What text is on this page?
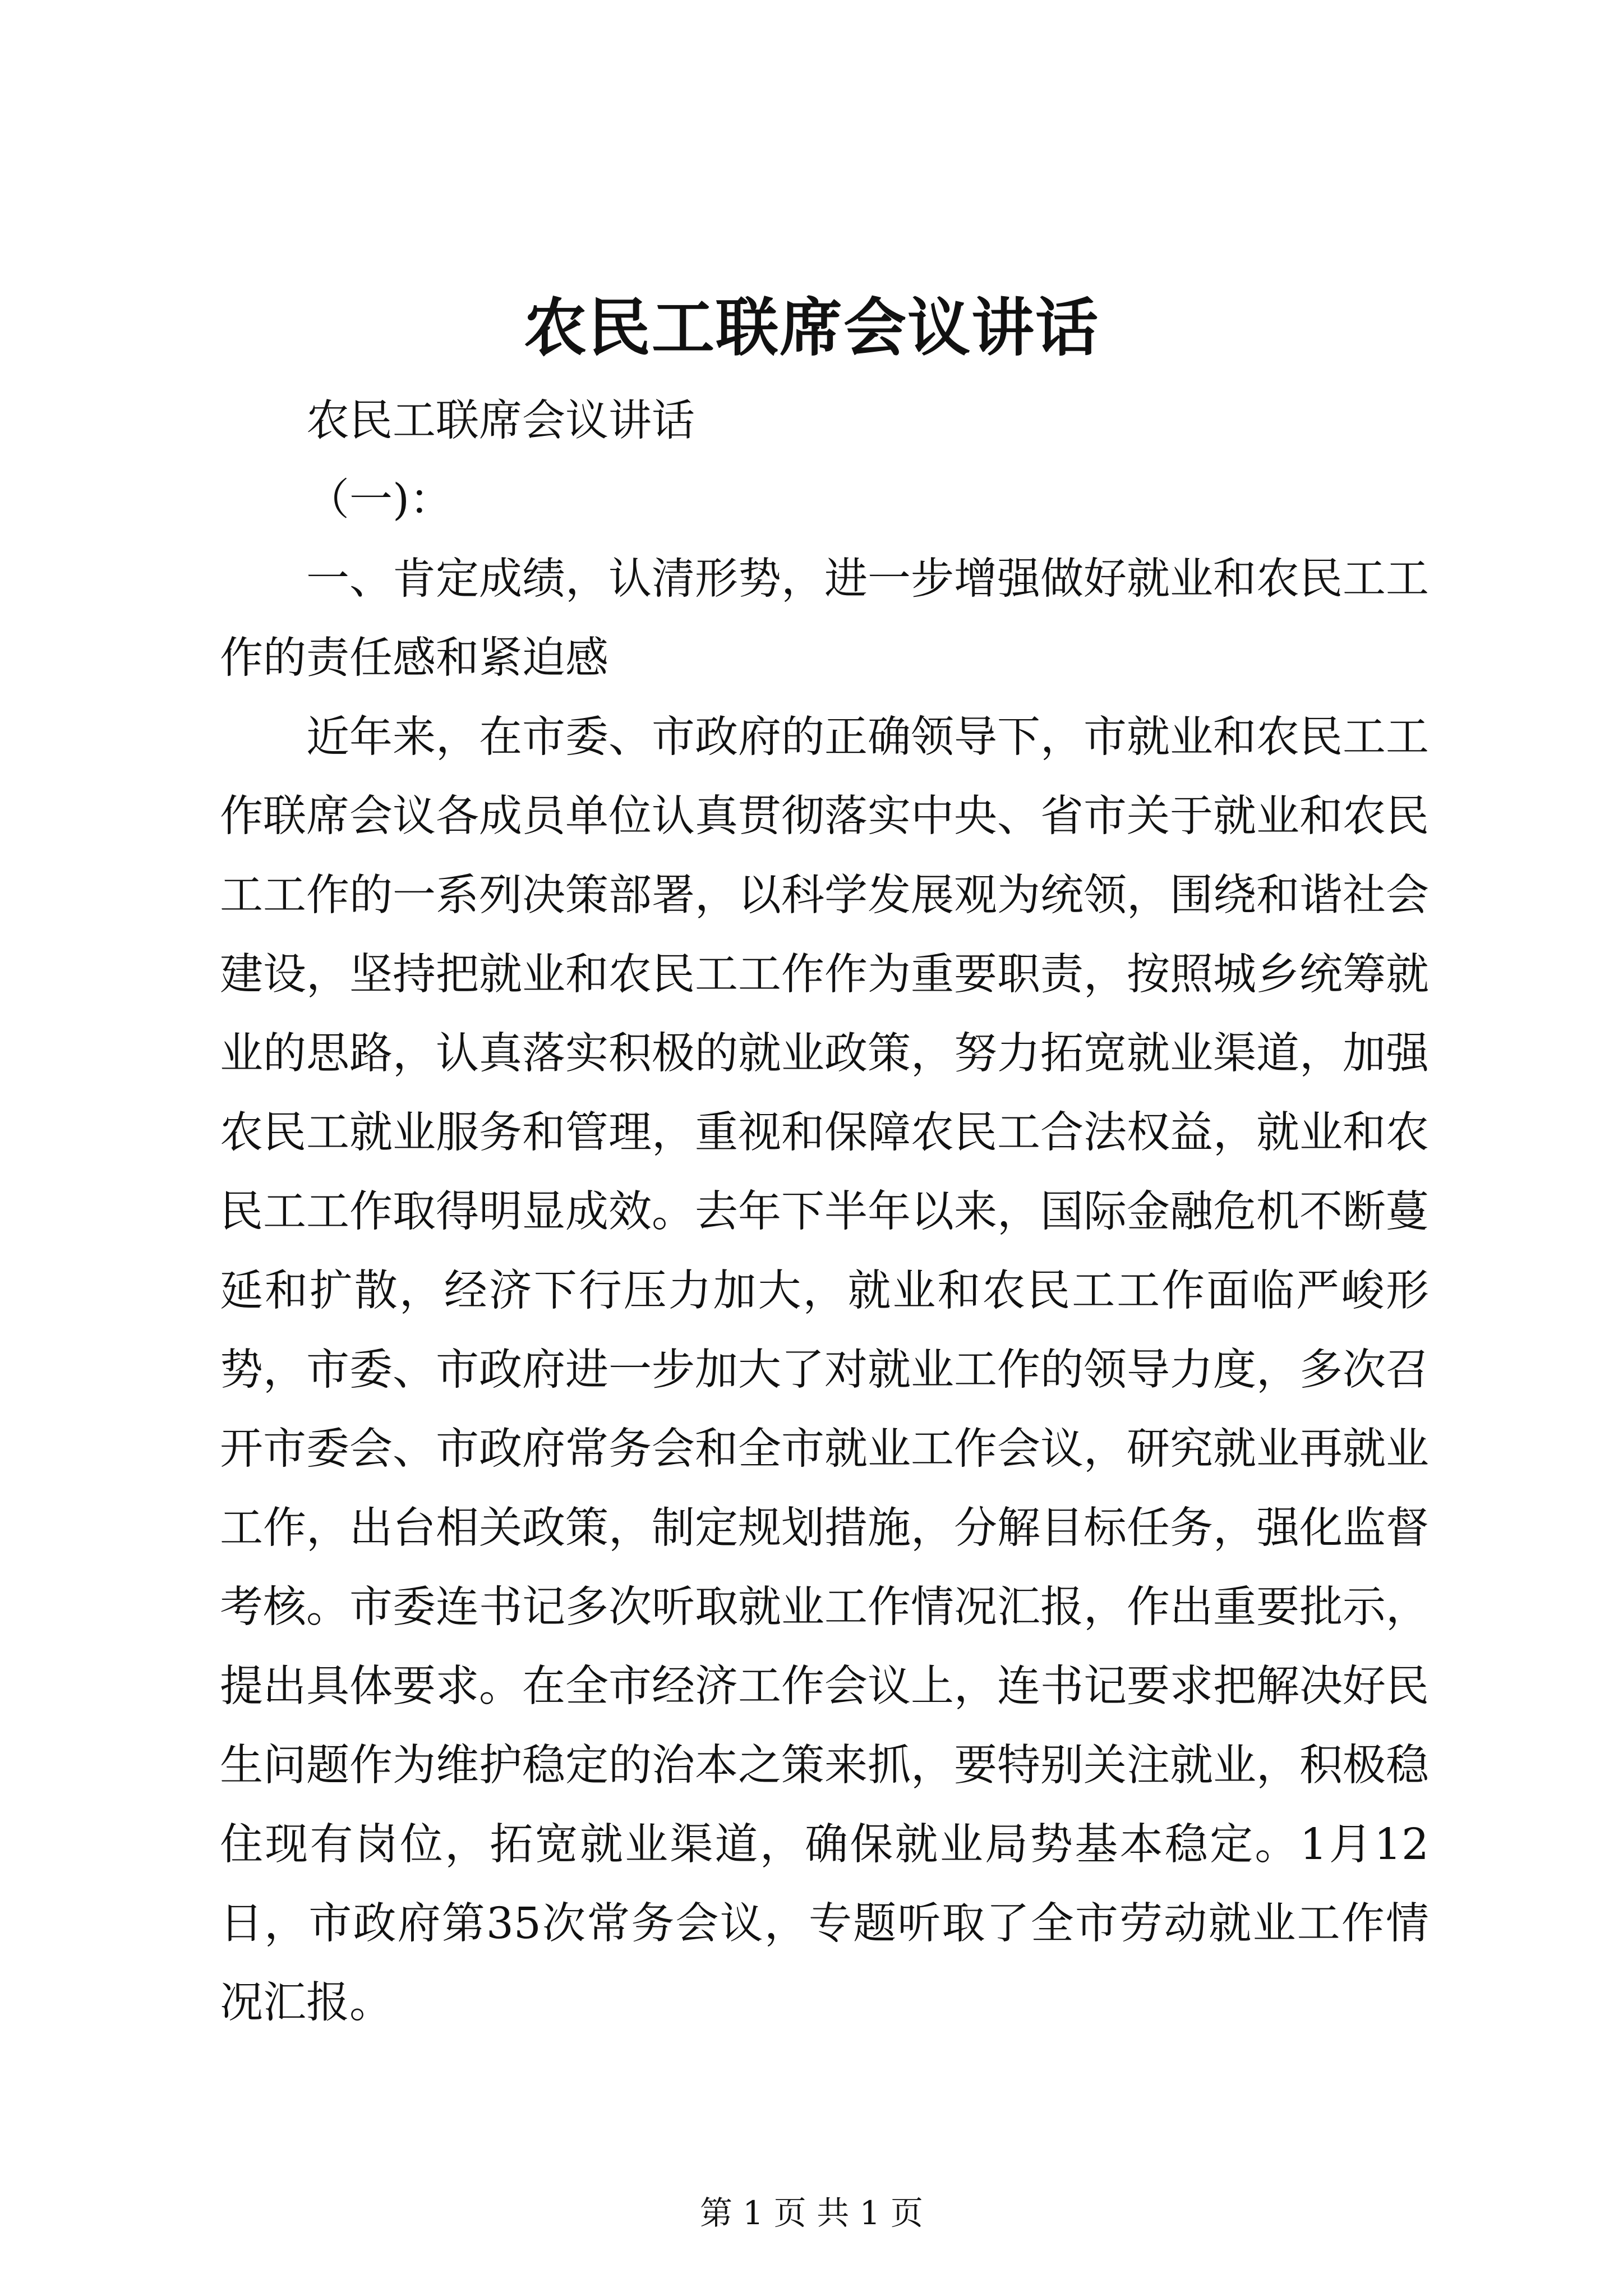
农民工联席会议讲话

农民工联席会议讲话

（一)：

一、肯定成绩，认清形势，进一步增强做好就业和农民工工作的责任感和紧迫感

近年来，在市委、市政府的正确领导下，市就业和农民工工作联席会议各成员单位认真贯彻落实中央、省市关于就业和农民工工作的一系列决策部署，以科学发展观为统领，围绕和谐社会建设，坚持把就业和农民工工作作为重要职责，按照城乡统筹就业的思路，认真落实积极的就业政策，努力拓宽就业渠道，加强农民工就业服务和管理，重视和保障农民工合法权益，就业和农民工工作取得明显成效。去年下半年以来，国际金融危机不断蔓延和扩散，经济下行压力加大，就业和农民工工作面临严峻形势，市委、市政府进一步加大了对就业工作的领导力度，多次召开市委会、市政府常务会和全市就业工作会议，研究就业再就业工作，出台相关政策，制定规划措施，分解目标任务，强化监督考核。市委连书记多次听取就业工作情况汇报，作出重要批示，提出具体要求。在全市经济工作会议上，连书记要求把解决好民生问题作为维护稳定的治本之策来抓，要特别关注就业，积极稳住现有岗位，拓宽就业渠道，确保就业局势基本稳定。1月12日，市政府第35次常务会议，专题听取了全市劳动就业工作情况汇报。

第 1 页 共 1 页
